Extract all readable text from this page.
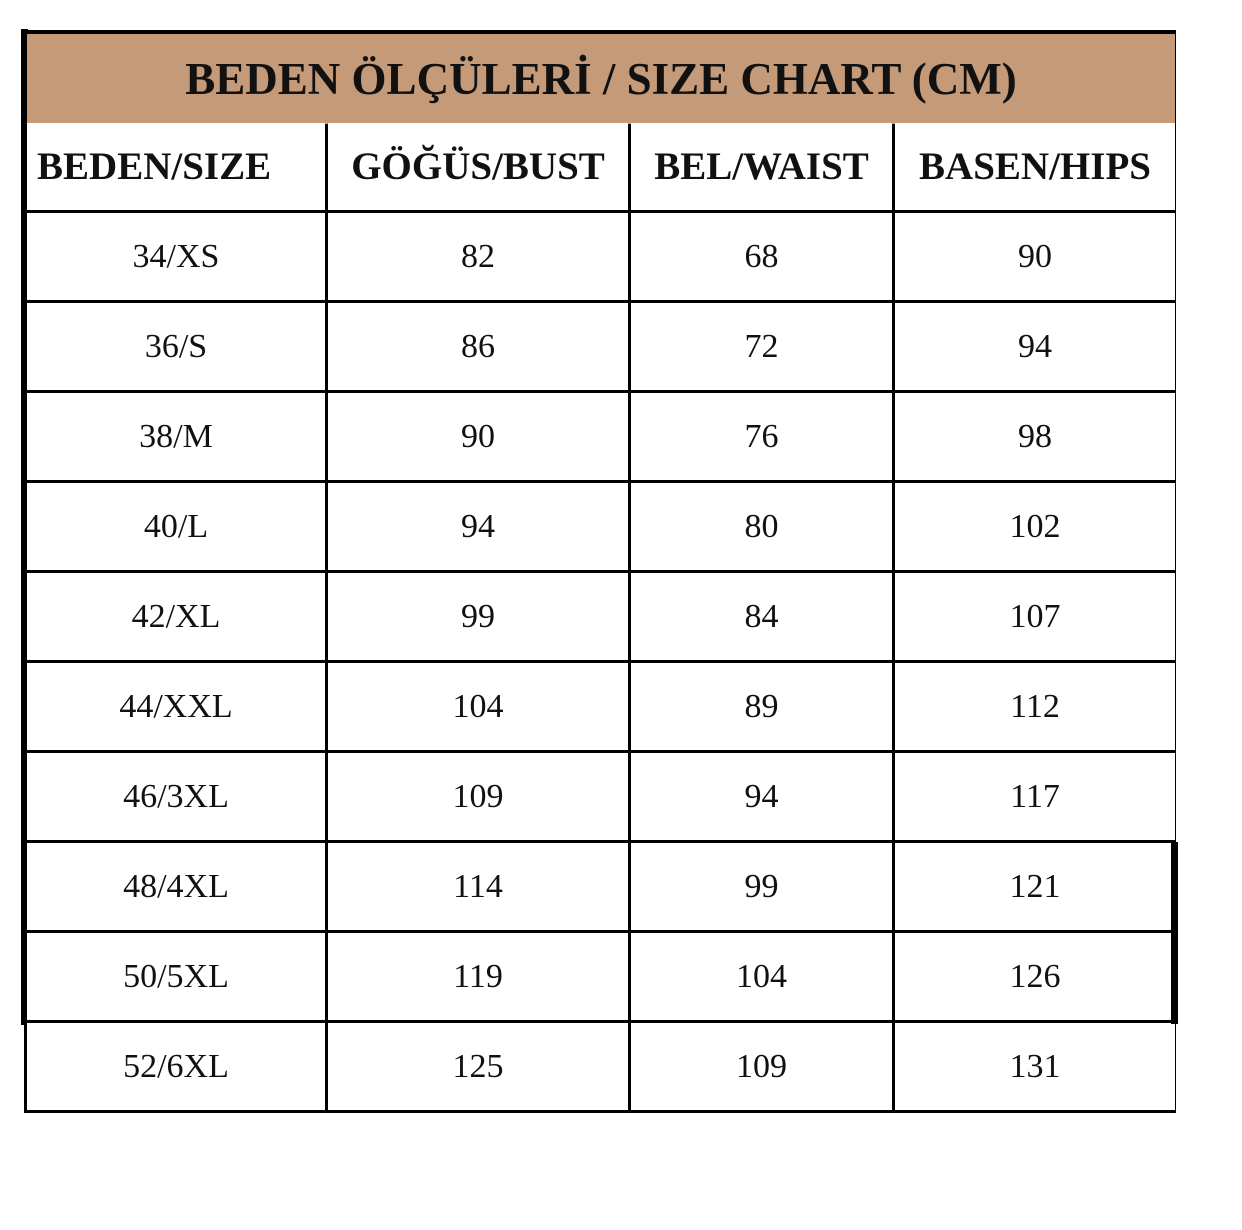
BEDEN ÖLÇÜLERİ / SIZE CHART (CM)
BEDEN/SIZE	GÖĞÜS/BUST	BEL/WAIST	BASEN/HIPS
34/XS	82	68	90
36/S	86	72	94
38/M	90	76	98
40/L	94	80	102
42/XL	99	84	107
44/XXL	104	89	112
46/3XL	109	94	117
48/4XL	114	99	121
50/5XL	119	104	126
52/6XL	125	109	131
